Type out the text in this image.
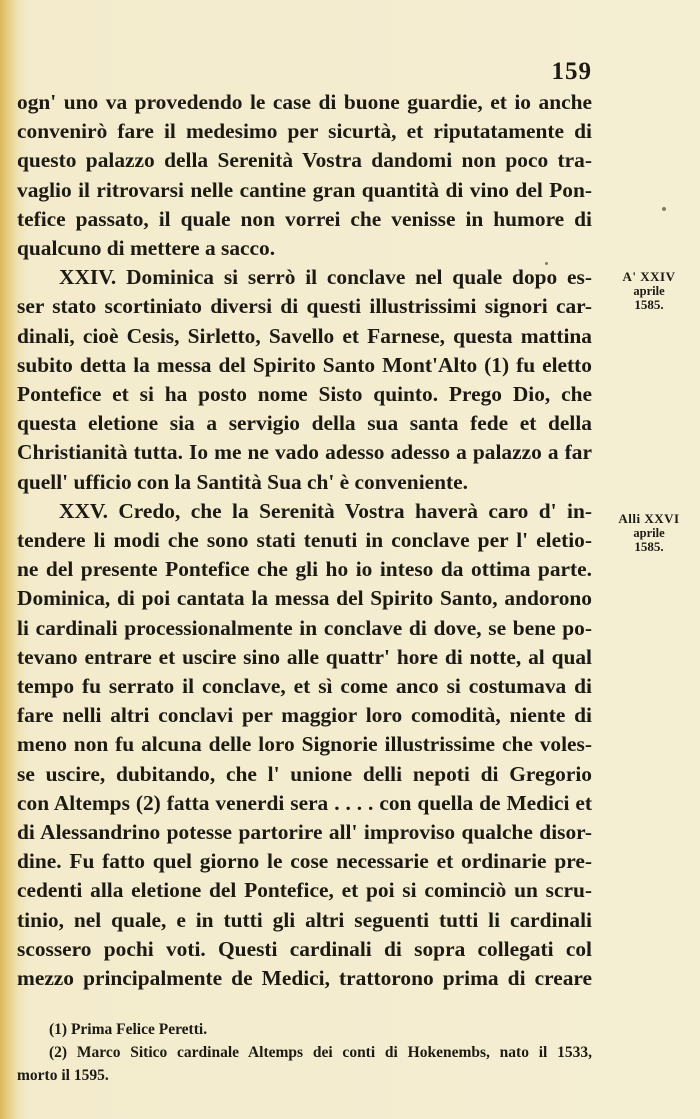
159
ogn' uno va provedendo le case di buone guardie, et io anche
convenirò fare il medesimo per sicurtà, et riputatamente di
questo palazzo della Serenità Vostra dandomi non poco tra-
vaglio il ritrovarsi nelle cantine gran quantità di vino del Pon-
tefice passato, il quale non vorrei che venisse in humore di
qualcuno di mettere a sacco.
XXIV. Dominica si serrò il conclave nel quale dopo es-
ser stato scortiniato diversi di questi illustrissimi signori car-
dinali, cioè Cesis, Sirletto, Savello et Farnese, questa mattina
subito detta la messa del Spirito Santo Mont'Alto (1) fu eletto
Pontefice et si ha posto nome Sisto quinto. Prego Dio, che
questa eletione sia a servigio della sua santa fede et della
Christianità tutta. Io me ne vado adesso adesso a palazzo a far
quell' ufficio con la Santità Sua ch' è conveniente.
XXV. Credo, che la Serenità Vostra haverà caro d' in-
tendere li modi che sono stati tenuti in conclave per l' eletio-
ne del presente Pontefice che gli ho io inteso da ottima parte.
Dominica, di poi cantata la messa del Spirito Santo, andorono
li cardinali processionalmente in conclave di dove, se bene po-
tevano entrare et uscire sino alle quattr' hore di notte, al qual
tempo fu serrato il conclave, et sì come anco si costumava di
fare nelli altri conclavi per maggior loro comodità, niente di
meno non fu alcuna delle loro Signorie illustrissime che voles-
se uscire, dubitando, che l' unione delli nepoti di Gregorio
con Altemps (2) fatta venerdi sera . . . . con quella de Medici et
di Alessandrino potesse partorire all' improviso qualche disor-
dine. Fu fatto quel giorno le cose necessarie et ordinarie pre-
cedenti alla eletione del Pontefice, et poi si cominciò un scru-
tinio, nel quale, e in tutti gli altri seguenti tutti li cardinali
scossero pochi voti. Questi cardinali di sopra collegati col
mezzo principalmente de Medici, trattorono prima di creare
A' XXIV
aprile
1585.
Alli XXVI
aprile
1585.
(1) Prima Felice Peretti.
(2) Marco Sitico cardinale Altemps dei conti di Hokenembs, nato il 1533,
morto il 1595.
